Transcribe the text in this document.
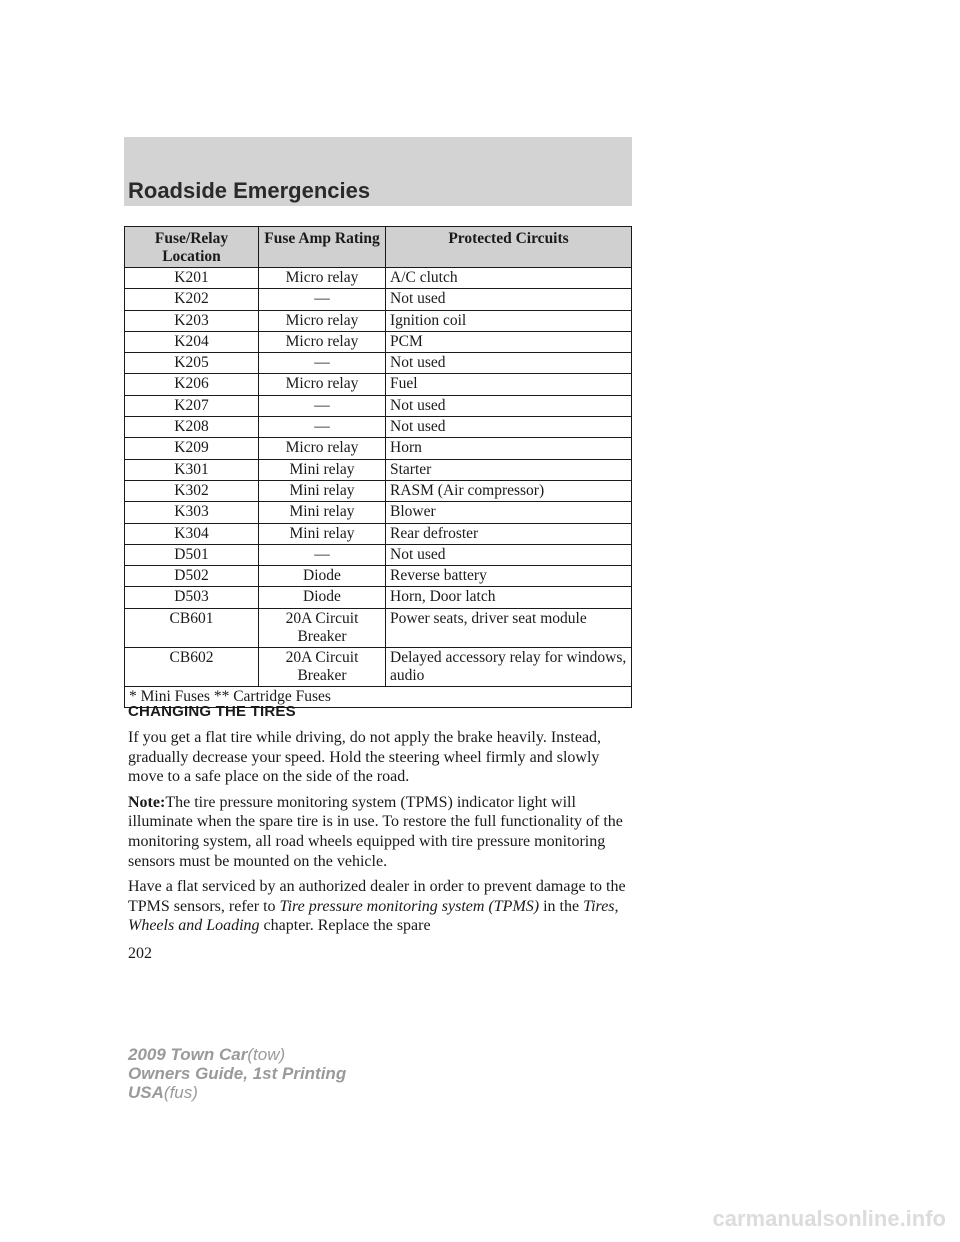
Roadside Emergencies
Fuse/Relay Location	Fuse Amp Rating	Protected Circuits
K201	Micro relay	A/C clutch
K202	—	Not used
K203	Micro relay	Ignition coil
K204	Micro relay	PCM
K205	—	Not used
K206	Micro relay	Fuel
K207	—	Not used
K208	—	Not used
K209	Micro relay	Horn
K301	Mini relay	Starter
K302	Mini relay	RASM (Air compressor)
K303	Mini relay	Blower
K304	Mini relay	Rear defroster
D501	—	Not used
D502	Diode	Reverse battery
D503	Diode	Horn, Door latch
CB601	20A Circuit Breaker	Power seats, driver seat module
CB602	20A Circuit Breaker	Delayed accessory relay for windows, audio
* Mini Fuses ** Cartridge Fuses		
CHANGING THE TIRES

If you get a flat tire while driving, do not apply the brake heavily. Instead, gradually decrease your speed. Hold the steering wheel firmly and slowly move to a safe place on the side of the road.

Note:The tire pressure monitoring system (TPMS) indicator light will illuminate when the spare tire is in use. To restore the full functionality of the monitoring system, all road wheels equipped with tire pressure monitoring sensors must be mounted on the vehicle.

Have a flat serviced by an authorized dealer in order to prevent damage to the TPMS sensors, refer to Tire pressure monitoring system (TPMS) in the Tires, Wheels and Loading chapter. Replace the spare

202
2009 Town Car(tow)
Owners Guide, 1st Printing
USA(fus)
carmanualsonline.info
